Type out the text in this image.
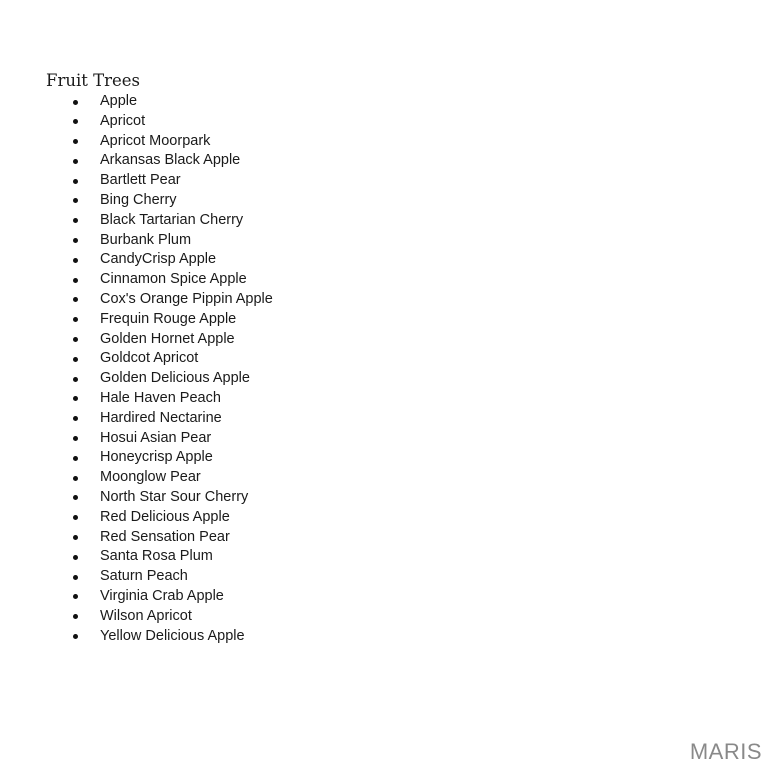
Fruit Trees
Apple
Apricot
Apricot Moorpark
Arkansas Black Apple
Bartlett Pear
Bing Cherry
Black Tartarian Cherry
Burbank Plum
CandyCrisp Apple
Cinnamon Spice Apple
Cox's Orange Pippin Apple
Frequin Rouge Apple
Golden Hornet Apple
Goldcot Apricot
Golden Delicious Apple
Hale Haven Peach
Hardired Nectarine
Hosui Asian Pear
Honeycrisp Apple
Moonglow Pear
North Star Sour Cherry
Red Delicious Apple
Red Sensation Pear
Santa Rosa Plum
Saturn Peach
Virginia Crab Apple
Wilson Apricot
Yellow Delicious Apple
MARIS
